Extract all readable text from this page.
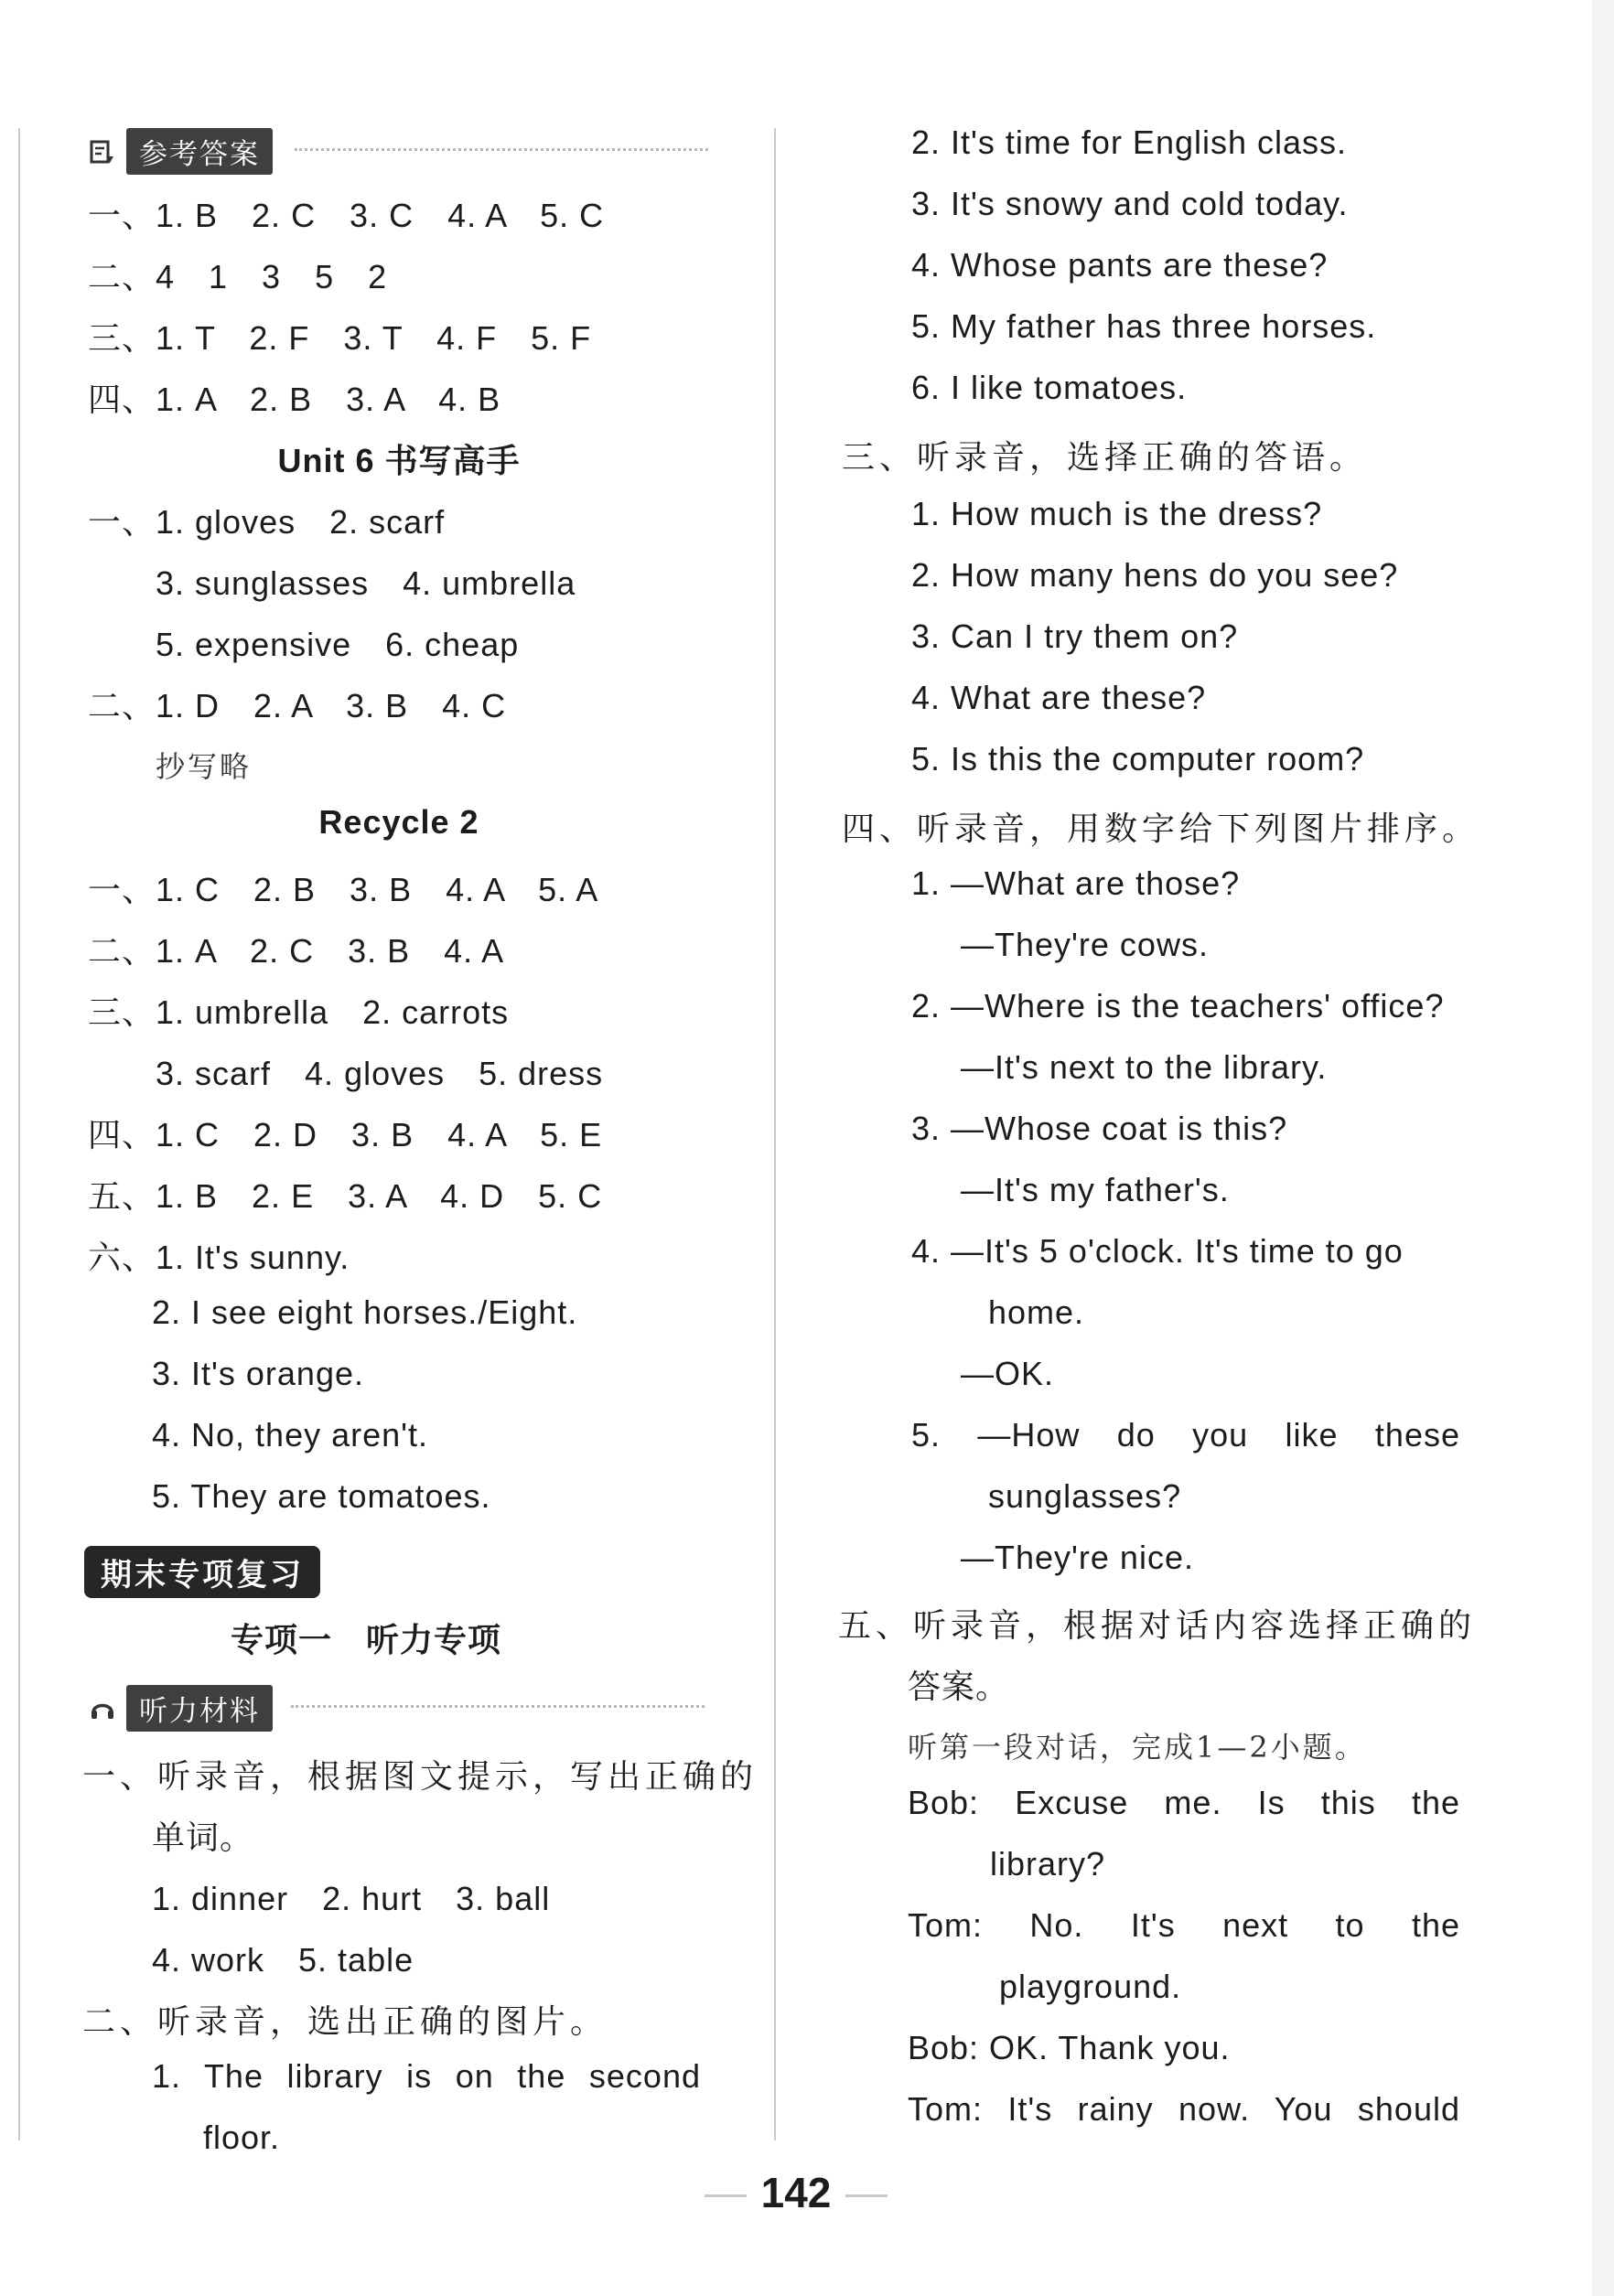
参考答案
一、1. B　2. C　3. C　4. A　5. C
二、4　1　3　5　2
三、1. T　2. F　3. T　4. F　5. F
四、1. A　2. B　3. A　4. B
Unit 6 书写高手
一、1. gloves　2. scarf
3. sunglasses　4. umbrella
5. expensive　6. cheap
二、1. D　2. A　3. B　4. C
抄写略
Recycle 2
一、1. C　2. B　3. B　4. A　5. A
二、1. A　2. C　3. B　4. A
三、1. umbrella　2. carrots
3. scarf　4. gloves　5. dress
四、1. C　2. D　3. B　4. A　5. E
五、1. B　2. E　3. A　4. D　5. C
六、1. It's sunny.
2. I see eight horses./Eight.
3. It's orange.
4. No, they aren't.
5. They are tomatoes.
期末专项复习
专项一　听力专项
听力材料
一、听录音，根据图文提示，写出正确的
单词。
1. dinner　2. hurt　3. ball
4. work　5. table
二、听录音，选出正确的图片。
1. The library is on the second
floor.
2. It's time for English class.
3. It's snowy and cold today.
4. Whose pants are these?
5. My father has three horses.
6. I like tomatoes.
三、听录音，选择正确的答语。
1. How much is the dress?
2. How many hens do you see?
3. Can I try them on?
4. What are these?
5. Is this the computer room?
四、听录音，用数字给下列图片排序。
1. —What are those?
—They're cows.
2. —Where is the teachers' office?
—It's next to the library.
3. —Whose coat is this?
—It's my father's.
4. —It's 5 o'clock. It's time to go
home.
—OK.
5. —How do you like these
sunglasses?
—They're nice.
五、听录音，根据对话内容选择正确的
答案。
听第一段对话，完成1—2小题。
Bob: Excuse me. Is this the
library?
Tom: No. It's next to the
playground.
Bob: OK. Thank you.
Tom: It's rainy now. You should
142
